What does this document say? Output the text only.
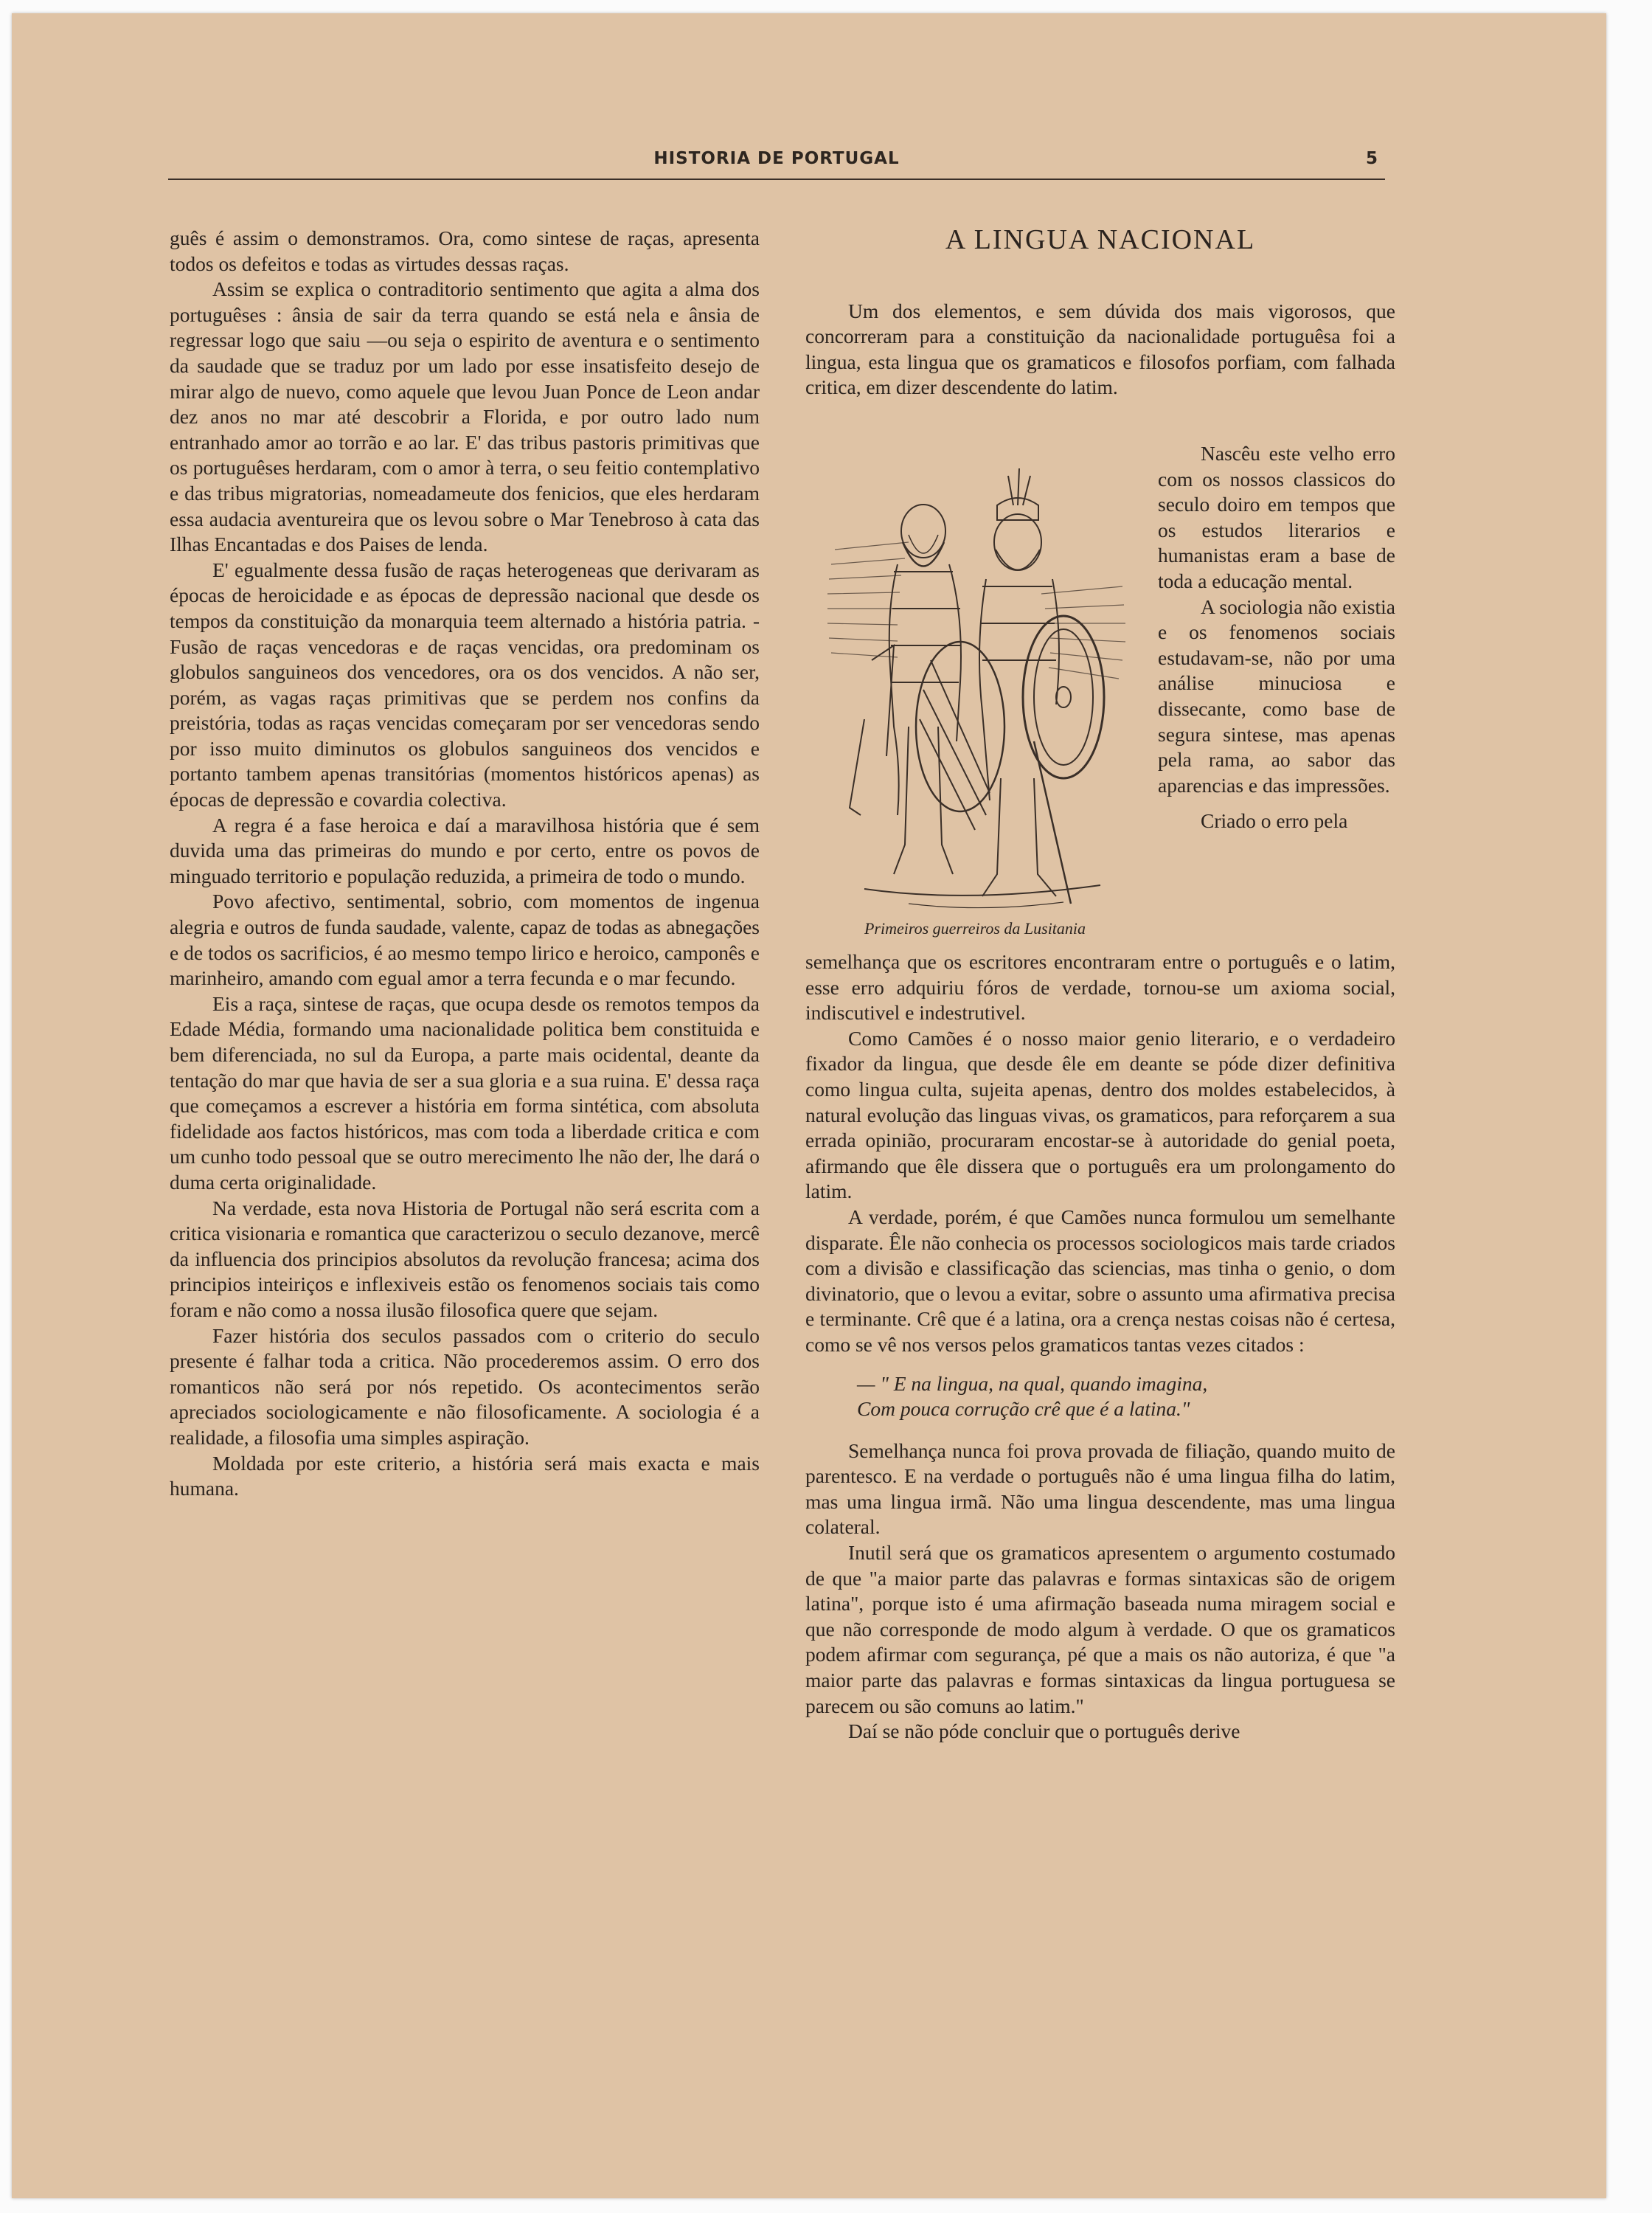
HISTORIA DE PORTUGAL	5

guês é assim o demonstramos. Ora, como sintese de raças, apresenta todos os defeitos e todas as virtudes dessas raças.

Assim se explica o contraditorio sentimento que agita a alma dos portuguêses : ânsia de sair da terra quando se está nela e ânsia de regressar logo que saiu —ou seja o espirito de aventura e o sentimento da saudade que se traduz por um lado por esse insatisfeito desejo de mirar algo de nuevo, como aquele que levou Juan Ponce de Leon andar dez anos no mar até descobrir a Florida, e por outro lado num entranhado amor ao torrão e ao lar. E' das tribus pastoris primitivas que os portuguêses herdaram, com o amor à terra, o seu feitio contemplativo e das tribus migratorias, nomeadameute dos fenicios, que eles herdaram essa audacia aventureira que os levou sobre o Mar Tenebroso à cata das Ilhas Encantadas e dos Paises de lenda.

E' egualmente dessa fusão de raças heterogeneas que derivaram as épocas de heroicidade e as épocas de depressão nacional que desde os tempos da constituição da monarquia teem alternado a história patria. - Fusão de raças vencedoras e de raças vencidas, ora predominam os globulos sanguineos dos vencedores, ora os dos vencidos. A não ser, porém, as vagas raças primitivas que se perdem nos confins da preistória, todas as raças vencidas começaram por ser vencedoras sendo por isso muito diminutos os globulos sanguineos dos vencidos e portanto tambem apenas transitórias (momentos históricos apenas) as épocas de depressão e covardia colectiva.

A regra é a fase heroica e daí a maravilhosa história que é sem duvida uma das primeiras do mundo e por certo, entre os povos de minguado territorio e população reduzida, a primeira de todo o mundo.

Povo afectivo, sentimental, sobrio, com momentos de ingenua alegria e outros de funda saudade, valente, capaz de todas as abnegações e de todos os sacrificios, é ao mesmo tempo lirico e heroico, camponês e marinheiro, amando com egual amor a terra fecunda e o mar fecundo.

Eis a raça, sintese de raças, que ocupa desde os remotos tempos da Edade Média, formando uma nacionalidade politica bem constituida e bem diferenciada, no sul da Europa, a parte mais ocidental, deante da tentação do mar que havia de ser a sua gloria e a sua ruina. E' dessa raça que começamos a escrever a história em forma sintética, com absoluta fidelidade aos factos históricos, mas com toda a liberdade critica e com um cunho todo pessoal que se outro merecimento lhe não der, lhe dará o duma certa originalidade.

Na verdade, esta nova Historia de Portugal não será escrita com a critica visionaria e romantica que caracterizou o seculo dezanove, mercê da influencia dos principios absolutos da revolução francesa; acima dos principios inteiriços e inflexiveis estão os fenomenos sociais tais como foram e não como a nossa ilusão filosofica quere que sejam.

Fazer história dos seculos passados com o criterio do seculo presente é falhar toda a critica. Não procederemos assim. O erro dos romanticos não será por nós repetido. Os acontecimentos serão apreciados sociologicamente e não filosoficamente. A sociologia é a realidade, a filosofia uma simples aspiração.

Moldada por este criterio, a história será mais exacta e mais humana.

A LINGUA NACIONAL

Um dos elementos, e sem dúvida dos mais vigorosos, que concorreram para a constituição da nacionalidade portuguêsa foi a lingua, esta lingua que os gramaticos e filosofos porfiam, com falhada critica, em dizer descendente do latim.

Primeiros guerreiros da Lusitania

Nascêu este velho erro com os nossos classicos do seculo doiro em tempos que os estudos literarios e humanistas eram a base de toda a educação mental.

A sociologia não existia e os fenomenos sociais estudavam-se, não por uma análise minuciosa e dissecante, como base de segura sintese, mas apenas pela rama, ao sabor das aparencias e das impressões.

Criado o erro pela

semelhança que os escritores encontraram entre o português e o latim, esse erro adquiriu fóros de verdade, tornou-se um axioma social, indiscutivel e indestrutivel.

Como Camões é o nosso maior genio literario, e o verdadeiro fixador da lingua, que desde êle em deante se póde dizer definitiva como lingua culta, sujeita apenas, dentro dos moldes estabelecidos, à natural evolução das linguas vivas, os gramaticos, para reforçarem a sua errada opinião, procuraram encostar-se à autoridade do genial poeta, afirmando que êle dissera que o português era um prolongamento do latim.

A verdade, porém, é que Camões nunca formulou um semelhante disparate. Êle não conhecia os processos sociologicos mais tarde criados com a divisão e classificação das sciencias, mas tinha o genio, o dom divinatorio, que o levou a evitar, sobre o assunto uma afirmativa precisa e terminante. Crê que é a latina, ora a crença nestas coisas não é certesa, como se vê nos versos pelos gramaticos tantas vezes citados :

— " E na lingua, na qual, quando imagina,
Com pouca corrução crê que é a latina."

Semelhança nunca foi prova provada de filiação, quando muito de parentesco. E na verdade o português não é uma lingua filha do latim, mas uma lingua irmã. Não uma lingua descendente, mas uma lingua colateral.

Inutil será que os gramaticos apresentem o argumento costumado de que "a maior parte das palavras e formas sintaxicas são de origem latina", porque isto é uma afirmação baseada numa miragem social e que não corresponde de modo algum à verdade. O que os gramaticos podem afirmar com segurança, pé que a mais os não autoriza, é que "a maior parte das palavras e formas sintaxicas da lingua portuguesa se parecem ou são comuns ao latim."

Daí se não póde concluir que o português derive
